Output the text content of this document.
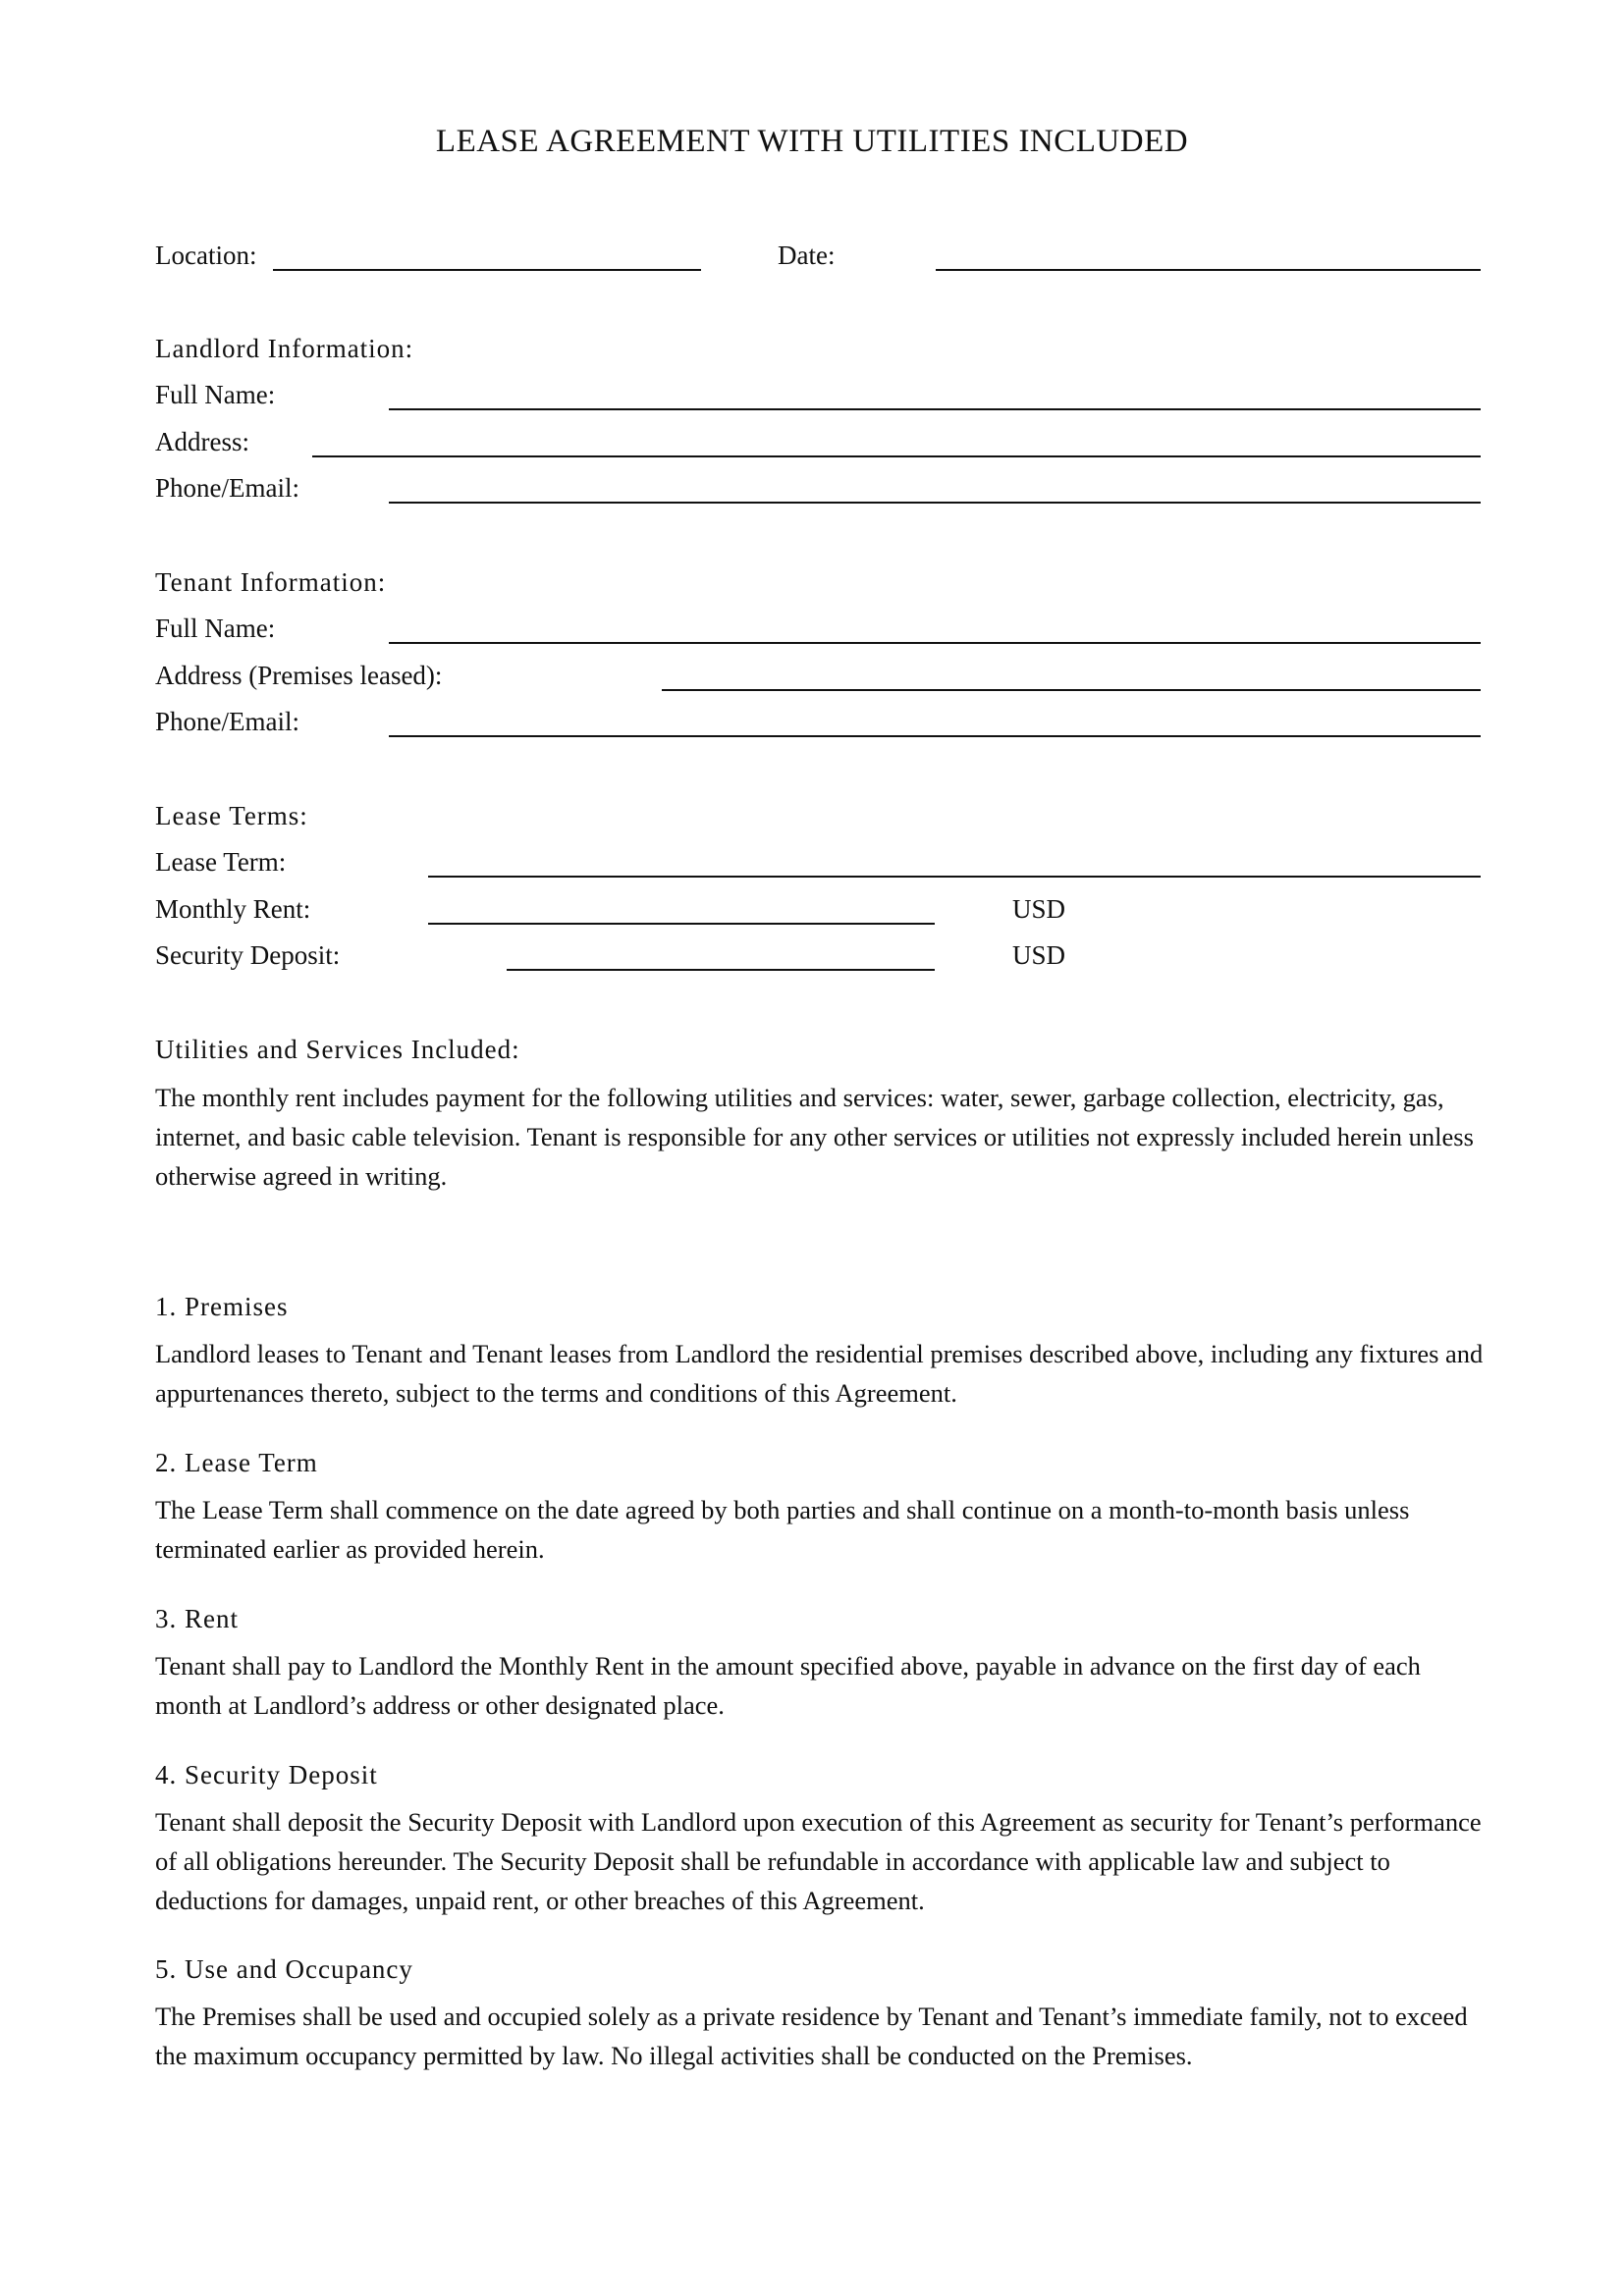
LEASE AGREEMENT WITH UTILITIES INCLUDED
Location:	Date:
Landlord Information:
Full Name:
Address:
Phone/Email:
Tenant Information:
Full Name:
Address (Premises leased):
Phone/Email:
Lease Terms:
Lease Term:
Monthly Rent:	USD
Security Deposit:	USD
Utilities and Services Included:
The monthly rent includes payment for the following utilities and services: water, sewer, garbage collection, electricity, gas, internet, and basic cable television. Tenant is responsible for any other services or utilities not expressly included herein unless otherwise agreed in writing.
1. Premises
Landlord leases to Tenant and Tenant leases from Landlord the residential premises described above, including any fixtures and appurtenances thereto, subject to the terms and conditions of this Agreement.
2. Lease Term
The Lease Term shall commence on the date agreed by both parties and shall continue on a month-to-month basis unless terminated earlier as provided herein.
3. Rent
Tenant shall pay to Landlord the Monthly Rent in the amount specified above, payable in advance on the first day of each month at Landlord’s address or other designated place.
4. Security Deposit
Tenant shall deposit the Security Deposit with Landlord upon execution of this Agreement as security for Tenant’s performance of all obligations hereunder. The Security Deposit shall be refundable in accordance with applicable law and subject to deductions for damages, unpaid rent, or other breaches of this Agreement.
5. Use and Occupancy
The Premises shall be used and occupied solely as a private residence by Tenant and Tenant’s immediate family, not to exceed the maximum occupancy permitted by law. No illegal activities shall be conducted on the Premises.
